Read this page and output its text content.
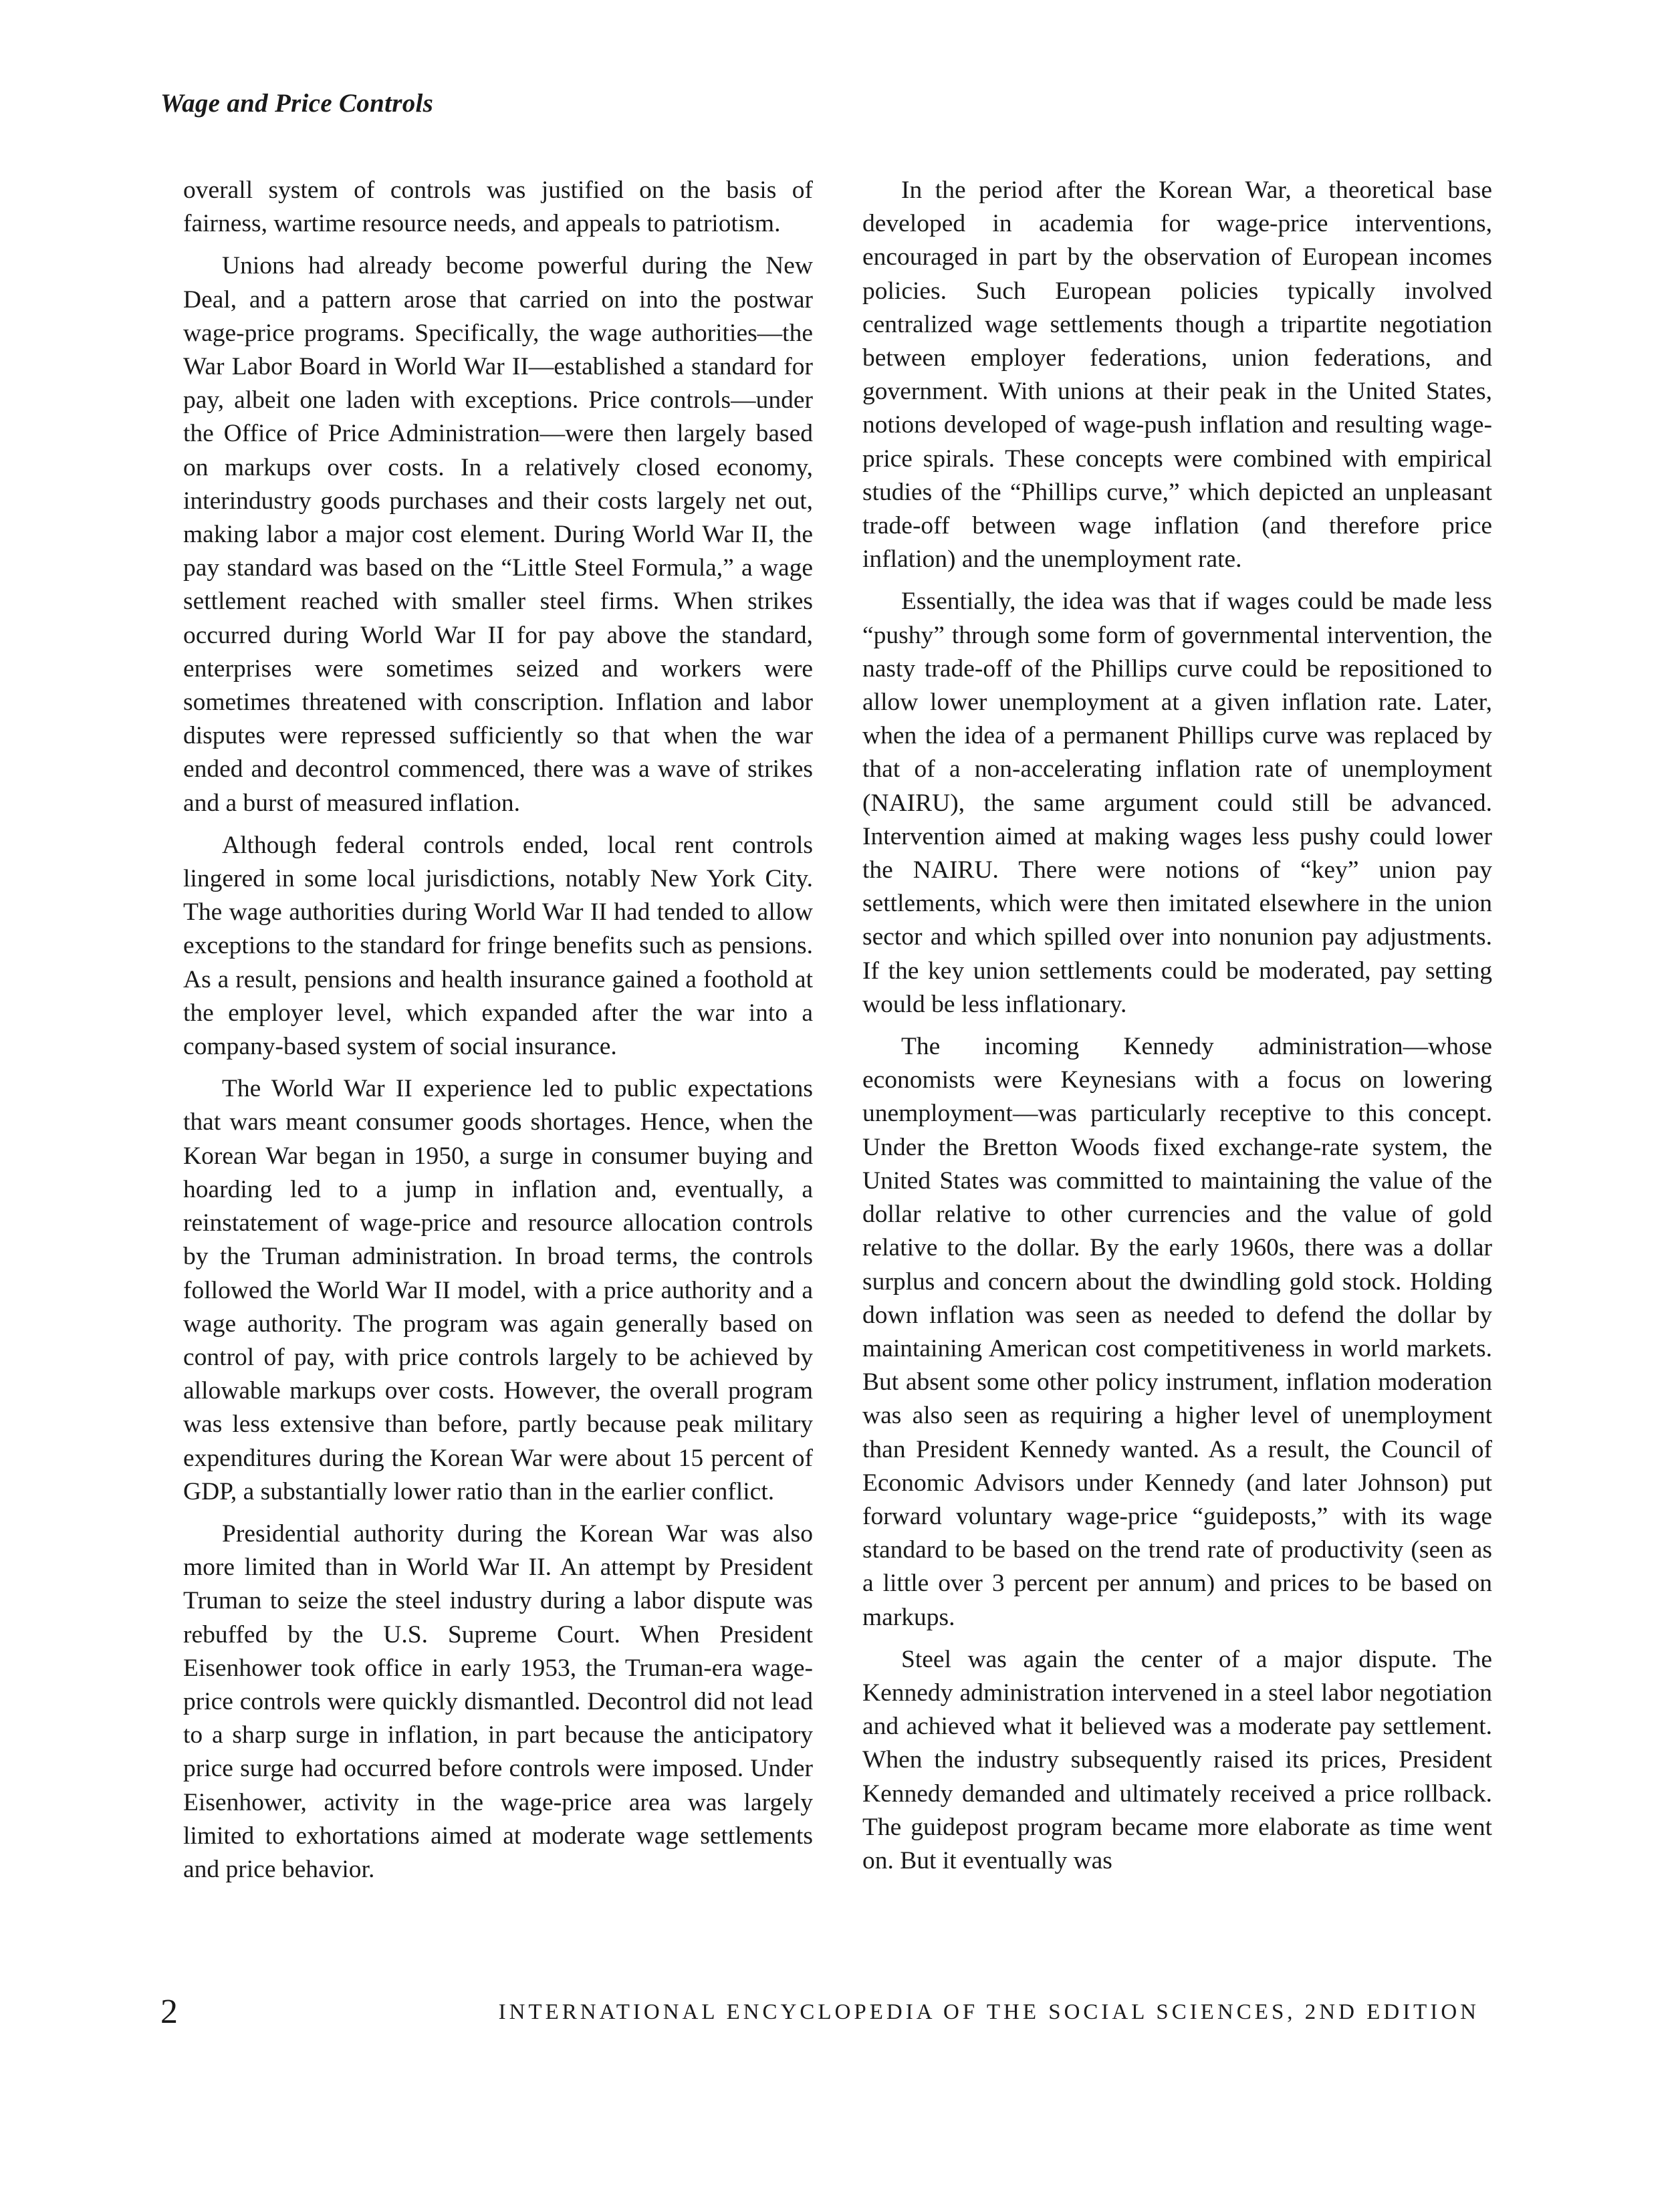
Wage and Price Controls

overall system of controls was justified on the basis of fairness, wartime resource needs, and appeals to patriotism.

Unions had already become powerful during the New Deal, and a pattern arose that carried on into the postwar wage-price programs. Specifically, the wage authorities—the War Labor Board in World War II—established a standard for pay, albeit one laden with exceptions. Price controls—under the Office of Price Administration—were then largely based on markups over costs. In a relatively closed economy, interindustry goods purchases and their costs largely net out, making labor a major cost element. During World War II, the pay standard was based on the “Little Steel Formula,” a wage settlement reached with smaller steel firms. When strikes occurred during World War II for pay above the standard, enterprises were sometimes seized and workers were sometimes threatened with conscription. Inflation and labor disputes were repressed sufficiently so that when the war ended and decontrol commenced, there was a wave of strikes and a burst of measured inflation.

Although federal controls ended, local rent controls lingered in some local jurisdictions, notably New York City. The wage authorities during World War II had tended to allow exceptions to the standard for fringe benefits such as pensions. As a result, pensions and health insurance gained a foothold at the employer level, which expanded after the war into a company-based system of social insurance.

The World War II experience led to public expectations that wars meant consumer goods shortages. Hence, when the Korean War began in 1950, a surge in consumer buying and hoarding led to a jump in inflation and, eventually, a reinstatement of wage-price and resource allocation controls by the Truman administration. In broad terms, the controls followed the World War II model, with a price authority and a wage authority. The program was again generally based on control of pay, with price controls largely to be achieved by allowable markups over costs. However, the overall program was less extensive than before, partly because peak military expenditures during the Korean War were about 15 percent of GDP, a substantially lower ratio than in the earlier conflict.

Presidential authority during the Korean War was also more limited than in World War II. An attempt by President Truman to seize the steel industry during a labor dispute was rebuffed by the U.S. Supreme Court. When President Eisenhower took office in early 1953, the Truman-era wage-price controls were quickly dismantled. Decontrol did not lead to a sharp surge in inflation, in part because the anticipatory price surge had occurred before controls were imposed. Under Eisenhower, activity in the wage-price area was largely limited to exhortations aimed at moderate wage settlements and price behavior.

In the period after the Korean War, a theoretical base developed in academia for wage-price interventions, encouraged in part by the observation of European incomes policies. Such European policies typically involved centralized wage settlements though a tripartite negotiation between employer federations, union federations, and government. With unions at their peak in the United States, notions developed of wage-push inflation and resulting wage-price spirals. These concepts were combined with empirical studies of the “Phillips curve,” which depicted an unpleasant trade-off between wage inflation (and therefore price inflation) and the unemployment rate.

Essentially, the idea was that if wages could be made less “pushy” through some form of governmental intervention, the nasty trade-off of the Phillips curve could be repositioned to allow lower unemployment at a given inflation rate. Later, when the idea of a permanent Phillips curve was replaced by that of a non-accelerating inflation rate of unemployment (NAIRU), the same argument could still be advanced. Intervention aimed at making wages less pushy could lower the NAIRU. There were notions of “key” union pay settlements, which were then imitated elsewhere in the union sector and which spilled over into nonunion pay adjustments. If the key union settlements could be moderated, pay setting would be less inflationary.

The incoming Kennedy administration—whose economists were Keynesians with a focus on lowering unemployment—was particularly receptive to this concept. Under the Bretton Woods fixed exchange-rate system, the United States was committed to maintaining the value of the dollar relative to other currencies and the value of gold relative to the dollar. By the early 1960s, there was a dollar surplus and concern about the dwindling gold stock. Holding down inflation was seen as needed to defend the dollar by maintaining American cost competitiveness in world markets. But absent some other policy instrument, inflation moderation was also seen as requiring a higher level of unemployment than President Kennedy wanted. As a result, the Council of Economic Advisors under Kennedy (and later Johnson) put forward voluntary wage-price “guideposts,” with its wage standard to be based on the trend rate of productivity (seen as a little over 3 percent per annum) and prices to be based on markups.

Steel was again the center of a major dispute. The Kennedy administration intervened in a steel labor negotiation and achieved what it believed was a moderate pay settlement. When the industry subsequently raised its prices, President Kennedy demanded and ultimately received a price rollback. The guidepost program became more elaborate as time went on. But it eventually was

2	INTERNATIONAL ENCYCLOPEDIA OF THE SOCIAL SCIENCES, 2ND EDITION
